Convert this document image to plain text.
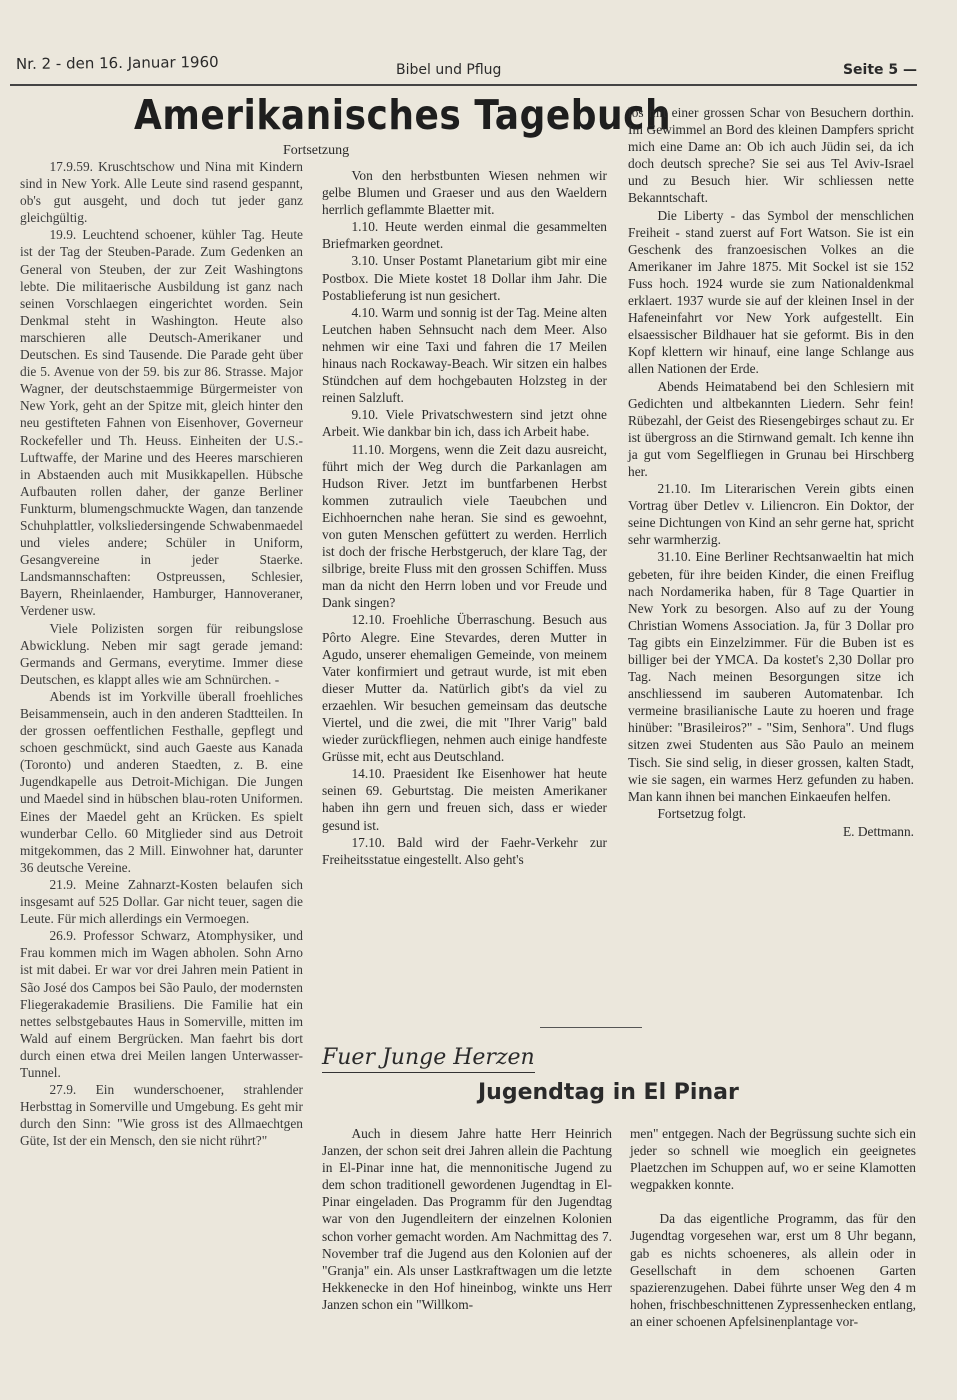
Nr. 2 - den 16. Januar 1960	Bibel und Pflug	Seite 5 —
Amerikanisches Tagebuch
Fortsetzung

17.9.59. Kruschtschow und Nina mit Kindern sind in New York. Alle Leute sind rasend gespannt, ob's gut ausgeht, und doch tut jeder ganz gleichgültig.

19.9. Leuchtend schoener, kühler Tag. Heute ist der Tag der Steuben-Parade. Zum Gedenken an General von Steuben, der zur Zeit Washingtons lebte. Die militaerische Ausbildung ist ganz nach seinen Vorschlaegen eingerichtet worden. Sein Denkmal steht in Washington. Heute also marschieren alle Deutsch-Amerikaner und Deutschen. Es sind Tausende. Die Parade geht über die 5. Avenue von der 59. bis zur 86. Strasse. Major Wagner, der deutschstaemmige Bürgermeister von New York, geht an der Spitze mit, gleich hinter den neu gestifteten Fahnen von Eisenhover, Governeur Rockefeller und Th. Heuss. Einheiten der U.S.-Luftwaffe, der Marine und des Heeres marschieren in Abstaenden auch mit Musikkapellen. Hübsche Aufbauten rollen daher, der ganze Berliner Funkturm, blumengschmuckte Wagen, dan tanzende Schuhplattler, volksliedersingende Schwabenmaedel und vieles andere; Schüler in Uniform, Gesangvereine in jeder Staerke. Landsmannschaften: Ostpreussen, Schlesier, Bayern, Rheinlaender, Hamburger, Hannoveraner, Verdener usw.

Viele Polizisten sorgen für reibungslose Abwicklung. Neben mir sagt gerade jemand: Germands and Germans, everytime. Immer diese Deutschen, es klappt alles wie am Schnürchen. -

Abends ist im Yorkville überall froehliches Beisammensein, auch in den anderen Stadtteilen. In der grossen oeffentlichen Festhalle, gepflegt und schoen geschmückt, sind auch Gaeste aus Kanada (Toronto) und anderen Staedten, z. B. eine Jugendkapelle aus Detroit-Michigan. Die Jungen und Maedel sind in hübschen blau-roten Uniformen. Eines der Maedel geht an Krücken. Es spielt wunderbar Cello. 60 Mitglieder sind aus Detroit mitgekommen, das 2 Mill. Einwohner hat, darunter 36 deutsche Vereine.

21.9. Meine Zahnarzt-Kosten belaufen sich insgesamt auf 525 Dollar. Gar nicht teuer, sagen die Leute. Für mich allerdings ein Vermoegen.

26.9. Professor Schwarz, Atomphysiker, und Frau kommen mich im Wagen abholen. Sohn Arno ist mit dabei. Er war vor drei Jahren mein Patient in São José dos Campos bei São Paulo, der modernsten Fliegerakademie Brasiliens. Die Familie hat ein nettes selbstgebautes Haus in Somerville, mitten im Wald auf einem Bergrücken. Man faehrt bis dort durch einen etwa drei Meilen langen Unterwasser-Tunnel.

27.9. Ein wunderschoener, strahlender Herbsttag in Somerville und Umgebung. Es geht mir durch den Sinn: "Wie gross ist des Allmaechtgen Güte, Ist der ein Mensch, den sie nicht rührt?"

Von den herbstbunten Wiesen nehmen wir gelbe Blumen und Graeser und aus den Waeldern herrlich geflammte Blaetter mit.

1.10. Heute werden einmal die gesammelten Briefmarken geordnet.

3.10. Unser Postamt Planetarium gibt mir eine Postbox. Die Miete kostet 18 Dollar ihm Jahr. Die Postablieferung ist nun gesichert.

4.10. Warm und sonnig ist der Tag. Meine alten Leutchen haben Sehnsucht nach dem Meer. Also nehmen wir eine Taxi und fahren die 17 Meilen hinaus nach Rockaway-Beach. Wir sitzen ein halbes Stündchen auf dem hochgebauten Holzsteg in der reinen Salzluft.

9.10. Viele Privatschwestern sind jetzt ohne Arbeit. Wie dankbar bin ich, dass ich Arbeit habe.

11.10. Morgens, wenn die Zeit dazu ausreicht, führt mich der Weg durch die Parkanlagen am Hudson River. Jetzt im buntfarbenen Herbst kommen zutraulich viele Taeubchen und Eichhoernchen nahe heran. Sie sind es gewoehnt, von guten Menschen gefüttert zu werden. Herrlich ist doch der frische Herbstgeruch, der klare Tag, der silbrige, breite Fluss mit den grossen Schiffen. Muss man da nicht den Herrn loben und vor Freude und Dank singen?

12.10. Froehliche Überraschung. Besuch aus Pôrto Alegre. Eine Stevardes, deren Mutter in Agudo, unserer ehemaligen Gemeinde, von meinem Vater konfirmiert und getraut wurde, ist mit eben dieser Mutter da. Natürlich gibt's da viel zu erzaehlen. Wir besuchen gemeinsam das deutsche Viertel, und die zwei, die mit "Ihrer Varig" bald wieder zurückfliegen, nehmen auch einige handfeste Grüsse mit, echt aus Deutschland.

14.10. Praesident Ike Eisenhower hat heute seinen 69. Geburtstag. Die meisten Amerikaner haben ihn gern und freuen sich, dass er wieder gesund ist.

17.10. Bald wird der Faehr-Verkehr zur Freiheitsstatue eingestellt. Also geht's

los mit einer grossen Schar von Besuchern dorthin. Im Gewimmel an Bord des kleinen Dampfers spricht mich eine Dame an: Ob ich auch Jüdin sei, da ich doch deutsch spreche? Sie sei aus Tel Aviv-Israel und zu Besuch hier. Wir schliessen nette Bekanntschaft.

Die Liberty - das Symbol der menschlichen Freiheit - stand zuerst auf Fort Watson. Sie ist ein Geschenk des franzoesischen Volkes an die Amerikaner im Jahre 1875. Mit Sockel ist sie 152 Fuss hoch. 1924 wurde sie zum Nationaldenkmal erklaert. 1937 wurde sie auf der kleinen Insel in der Hafeneinfahrt vor New York aufgestellt. Ein elsaessischer Bildhauer hat sie geformt. Bis in den Kopf klettern wir hinauf, eine lange Schlange aus allen Nationen der Erde.

Abends Heimatabend bei den Schlesiern mit Gedichten und altbekannten Liedern. Sehr fein! Rübezahl, der Geist des Riesengebirges schaut zu. Er ist übergross an die Stirnwand gemalt. Ich kenne ihn ja gut vom Segelfliegen in Grunau bei Hirschberg her.

21.10. Im Literarischen Verein gibts einen Vortrag über Detlev v. Liliencron. Ein Doktor, der seine Dichtungen von Kind an sehr gerne hat, spricht sehr warmherzig.

31.10. Eine Berliner Rechtsanwaeltin hat mich gebeten, für ihre beiden Kinder, die einen Freiflug nach Nordamerika haben, für 8 Tage Quartier in New York zu besorgen. Also auf zu der Young Christian Womens Association. Ja, für 3 Dollar pro Tag gibts ein Einzelzimmer. Für die Buben ist es billiger bei der YMCA. Da kostet's 2,30 Dollar pro Tag. Nach meinen Besorgungen sitze ich anschliessend im sauberen Automatenbar. Ich vermeine brasilianische Laute zu hoeren und frage hinüber: "Brasileiros?" - "Sim, Senhora". Und flugs sitzen zwei Studenten aus São Paulo an meinem Tisch. Sie sind selig, in dieser grossen, kalten Stadt, wie sie sagen, ein warmes Herz gefunden zu haben. Man kann ihnen bei manchen Einkaeufen helfen.

Fortsetzug folgt.

E. Dettmann.

Fuer Junge Herzen
Jugendtag in El Pinar

Auch in diesem Jahre hatte Herr Heinrich Janzen, der schon seit drei Jahren allein die Pachtung in El-Pinar inne hat, die mennonitische Jugend zu dem schon traditionell gewordenen Jugendtag in El-Pinar eingeladen. Das Programm für den Jugendtag war von den Jugendleitern der einzelnen Kolonien schon vorher gemacht worden. Am Nachmittag des 7. November traf die Jugend aus den Kolonien auf der "Granja" ein. Als unser Lastkraftwagen um die letzte Hekkenecke in den Hof hineinbog, winkte uns Herr Janzen schon ein "Willkom-

men" entgegen. Nach der Begrüssung suchte sich ein jeder so schnell wie moeglich ein geeignetes Plaetzchen im Schuppen auf, wo er seine Klamotten wegpakken konnte.

Da das eigentliche Programm, das für den Jugendtag vorgesehen war, erst um 8 Uhr begann, gab es nichts schoeneres, als allein oder in Gesellschaft in dem schoenen Garten spazierenzugehen. Dabei führte unser Weg den 4 m hohen, frischbeschnittenen Zypressenhecken entlang, an einer schoenen Apfelsinenplantage vor-
